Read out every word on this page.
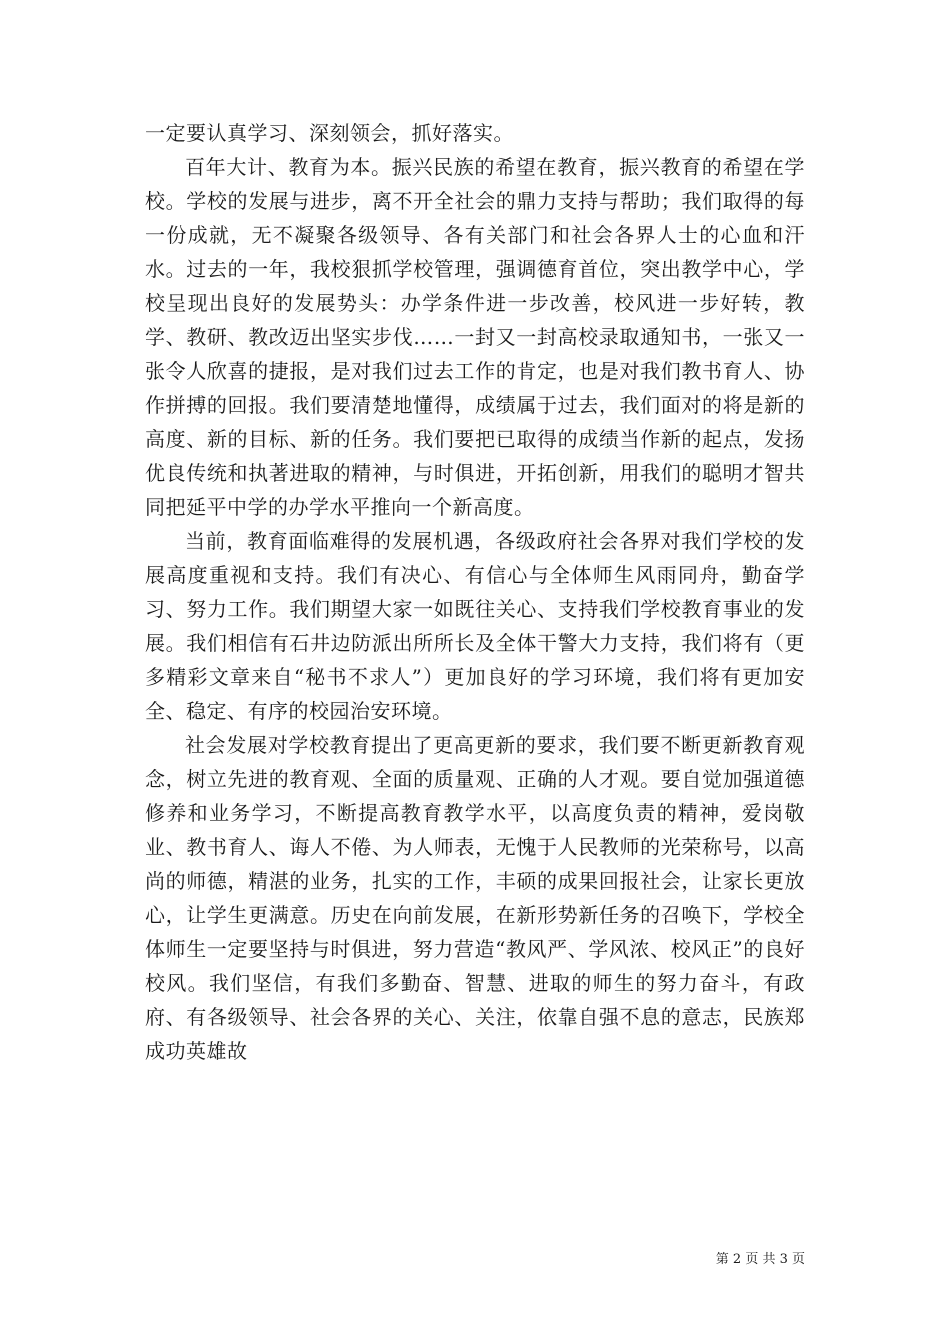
一定要认真学习、深刻领会，抓好落实。

百年大计、教育为本。振兴民族的希望在教育，振兴教育的希望在学校。学校的发展与进步，离不开全社会的鼎力支持与帮助；我们取得的每一份成就，无不凝聚各级领导、各有关部门和社会各界人士的心血和汗水。过去的一年，我校狠抓学校管理，强调德育首位，突出教学中心，学校呈现出良好的发展势头：办学条件进一步改善，校风进一步好转，教学、教研、教改迈出坚实步伐……一封又一封高校录取通知书，一张又一张令人欣喜的捷报，是对我们过去工作的肯定，也是对我们教书育人、协作拼搏的回报。我们要清楚地懂得，成绩属于过去，我们面对的将是新的高度、新的目标、新的任务。我们要把已取得的成绩当作新的起点，发扬优良传统和执著进取的精神，与时俱进，开拓创新，用我们的聪明才智共同把延平中学的办学水平推向一个新高度。

当前，教育面临难得的发展机遇，各级政府社会各界对我们学校的发展高度重视和支持。我们有决心、有信心与全体师生风雨同舟，勤奋学习、努力工作。我们期望大家一如既往关心、支持我们学校教育事业的发展。我们相信有石井边防派出所所长及全体干警大力支持，我们将有（更多精彩文章来自“秘书不求人”）更加良好的学习环境，我们将有更加安全、稳定、有序的校园治安环境。

社会发展对学校教育提出了更高更新的要求，我们要不断更新教育观念，树立先进的教育观、全面的质量观、正确的人才观。要自觉加强道德修养和业务学习，不断提高教育教学水平，以高度负责的精神，爱岗敬业、教书育人、诲人不倦、为人师表，无愧于人民教师的光荣称号，以高尚的师德，精湛的业务，扎实的工作，丰硕的成果回报社会，让家长更放心，让学生更满意。历史在向前发展，在新形势新任务的召唤下，学校全体师生一定要坚持与时俱进，努力营造“教风严、学风浓、校风正”的良好校风。我们坚信，有我们多勤奋、智慧、进取的师生的努力奋斗，有政府、有各级领导、社会各界的关心、关注，依靠自强不息的意志，民族郑成功英雄故

第 2 页 共 3 页
